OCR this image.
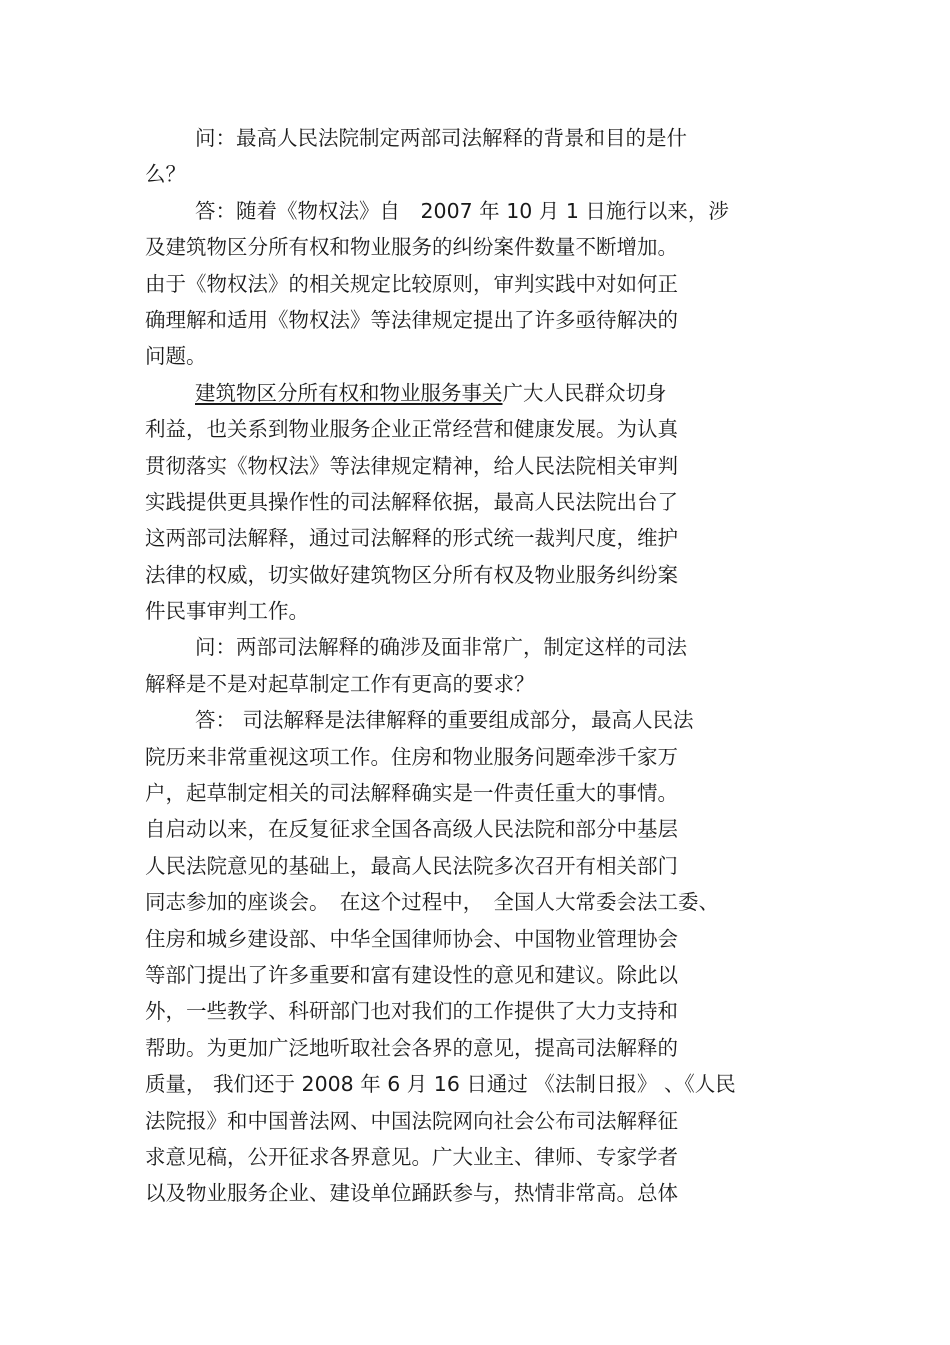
问：最高人民法院制定两部司法解释的背景和目的是什
么？
答：随着《物权法》自　2007 年 10 月 1 日施行以来，涉
及建筑物区分所有权和物业服务的纠纷案件数量不断增加。
由于《物权法》的相关规定比较原则，审判实践中对如何正
确理解和适用《物权法》等法律规定提出了许多亟待解决的
问题。
建筑物区分所有权和物业服务事关广大人民群众切身
利益，也关系到物业服务企业正常经营和健康发展。为认真
贯彻落实《物权法》等法律规定精神，给人民法院相关审判
实践提供更具操作性的司法解释依据，最高人民法院出台了
这两部司法解释，通过司法解释的形式统一裁判尺度，维护
法律的权威，切实做好建筑物区分所有权及物业服务纠纷案
件民事审判工作。
问：两部司法解释的确涉及面非常广，制定这样的司法
解释是不是对起草制定工作有更高的要求？
答： 司法解释是法律解释的重要组成部分，最高人民法
院历来非常重视这项工作。住房和物业服务问题牵涉千家万
户，起草制定相关的司法解释确实是一件责任重大的事情。
自启动以来，在反复征求全国各高级人民法院和部分中基层
人民法院意见的基础上，最高人民法院多次召开有相关部门
同志参加的座谈会。　在这个过程中，　全国人大常委会法工委、
住房和城乡建设部、中华全国律师协会、中国物业管理协会
等部门提出了许多重要和富有建设性的意见和建议。除此以
外，一些教学、科研部门也对我们的工作提供了大力支持和
帮助。为更加广泛地听取社会各界的意见，提高司法解释的
质量， 我们还于 2008 年 6 月 16 日通过 《法制日报》 、《人民
法院报》和中国普法网、中国法院网向社会公布司法解释征
求意见稿，公开征求各界意见。广大业主、律师、专家学者
以及物业服务企业、建设单位踊跃参与，热情非常高。总体
